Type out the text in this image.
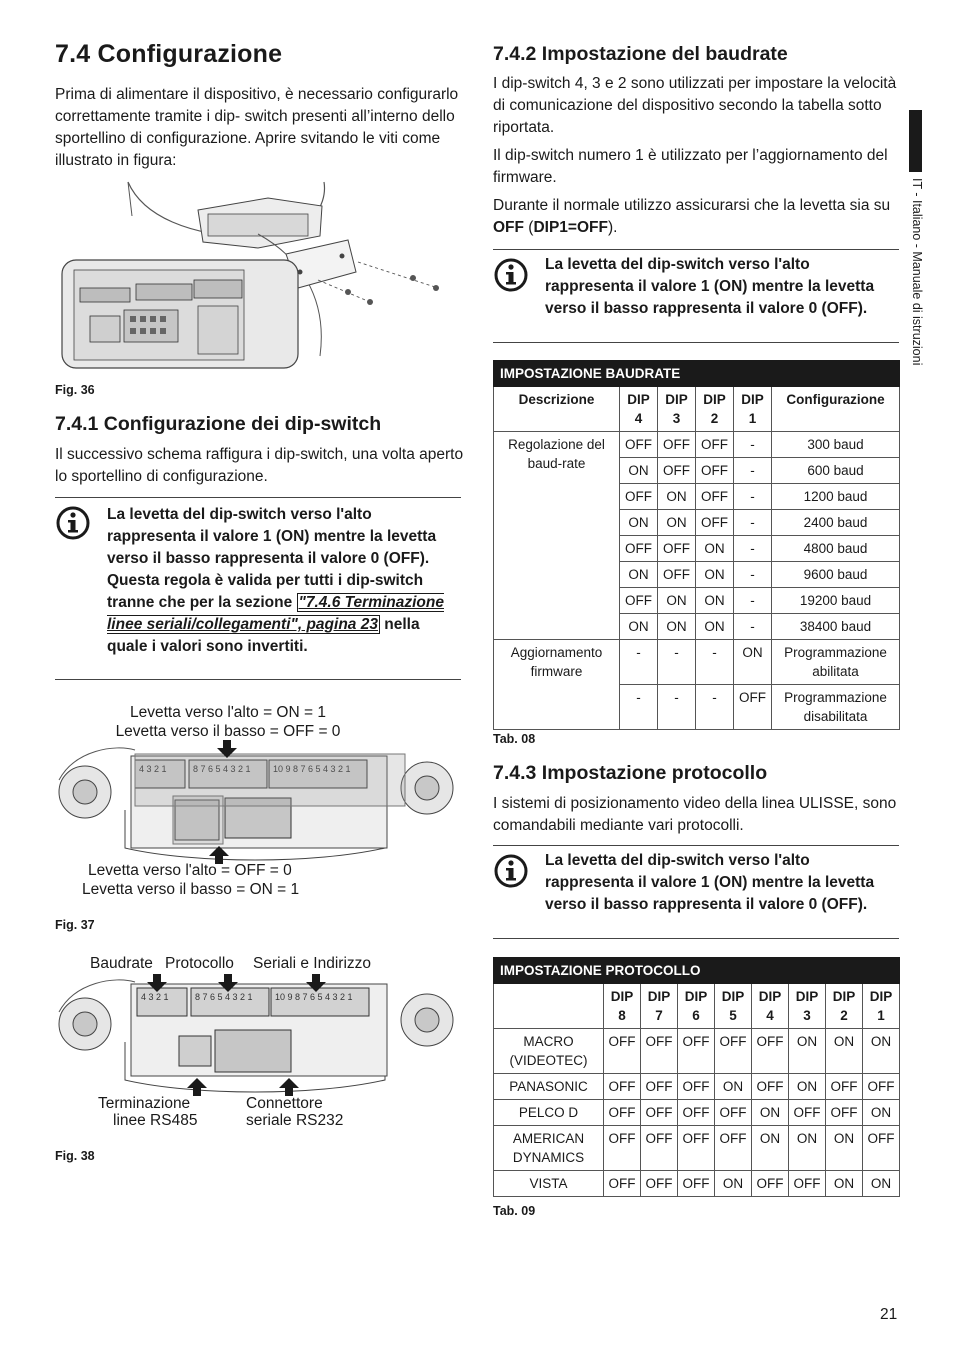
7.4 Configurazione
Prima di alimentare il dispositivo, è necessario configurarlo correttamente tramite i dip- switch presenti all’interno dello sportellino di configurazione. Aprire svitando le viti come illustrato in figura:
Fig. 36
7.4.1 Configurazione dei dip-switch
Il successivo schema raffigura i dip-switch, una volta aperto lo sportellino di configurazione.
La levetta del dip-switch verso l'alto rappresenta il valore 1 (ON) mentre la levetta verso il basso rappresenta il valore 0 (OFF). Questa regola è valida per tutti i dip-switch tranne che per la sezione "7.4.6 Terminazione linee seriali/collegamenti", pagina 23 nella quale i valori sono invertiti.
Levetta verso l'alto = ON = 1
Levetta verso il basso = OFF = 0
4 3 2 1	8 7 6 5 4 3 2 1 10 9 8 7 6 5 4 3 2 1
Levetta verso l'alto = OFF = 0
Levetta verso il basso = ON = 1
Fig. 37
Baudrate Protocollo Seriali e Indirizzo
4 3 2 1	8 7 6 5 4 3 2 1 10 9 8 7 6 5 4 3 2 1
Terminazione
linee RS485
Connettore
seriale RS232
Fig. 38
7.4.2 Impostazione del baudrate
I dip-switch 4, 3 e 2 sono utilizzati per impostare la velocità di comunicazione del dispositivo secondo la tabella sotto riportata.
Il dip-switch numero 1 è utilizzato per l’aggiornamento del firmware.
Durante il normale utilizzo assicurarsi che la levetta sia su OFF (DIP1=OFF).
La levetta del dip-switch verso l'alto rappresenta il valore 1 (ON) mentre la levetta verso il basso rappresenta il valore 0 (OFF).
IMPOSTAZIONE BAUDRATE					
Descrizione	DIP 4	DIP 3	DIP 2	DIP 1	Configurazione
Regolazione del baud-rate	OFF	OFF	OFF	-	300 baud
	ON	OFF	OFF	-	600 baud
	OFF	ON	OFF	-	1200 baud
	ON	ON	OFF	-	2400 baud
	OFF	OFF	ON	-	4800 baud
	ON	OFF	ON	-	9600 baud
	OFF	ON	ON	-	19200 baud
	ON	ON	ON	-	38400 baud
Aggiornamento firmware	-	-	-	ON	Programmazione abilitata
	-	-	-	OFF	Programmazione disabilitata
Tab. 08
7.4.3 Impostazione protocollo
I sistemi di posizionamento video della linea ULISSE, sono comandabili mediante vari protocolli.
La levetta del dip-switch verso l'alto rappresenta il valore 1 (ON) mentre la levetta verso il basso rappresenta il valore 0 (OFF).
IMPOSTAZIONE PROTOCOLLO								
	DIP 8	DIP 7	DIP 6	DIP 5	DIP 4	DIP 3	DIP 2	DIP 1
MACRO (VIDEOTEC)	OFF	OFF	OFF	OFF	OFF	ON	ON	ON
PANASONIC	OFF	OFF	OFF	ON	OFF	ON	OFF	OFF
PELCO D	OFF	OFF	OFF	OFF	ON	OFF	OFF	ON
AMERICAN DYNAMICS	OFF	OFF	OFF	OFF	ON	ON	ON	OFF
VISTA	OFF	OFF	OFF	ON	OFF	OFF	ON	ON
Tab. 09
IT - Italiano - Manuale di istruzioni
21
